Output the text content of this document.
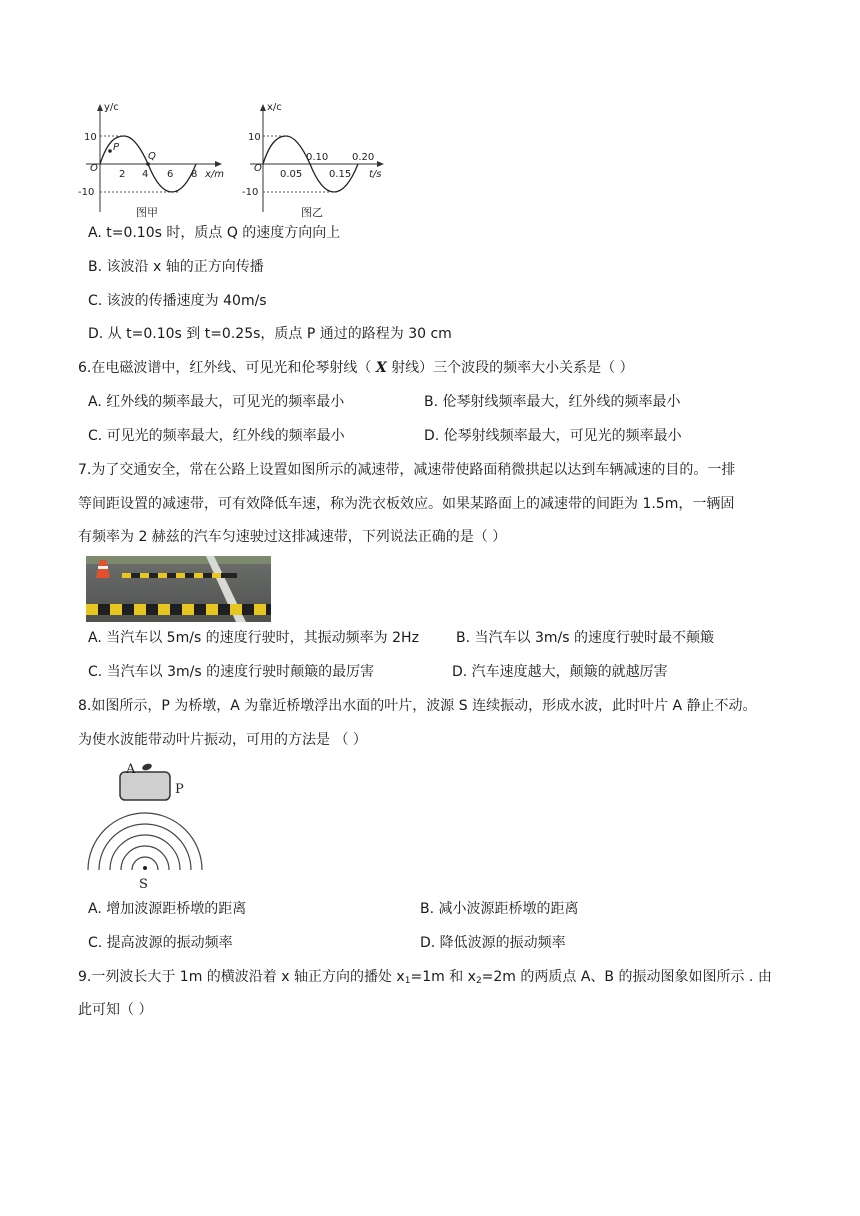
y/c
10
-10
O
P
Q
2 4 6 8 x/m
图甲
x/c
10
-10
O
0.10 0.20
0.05	0.15 t/s
图乙
A. t=0.10s 时，质点 Q 的速度方向向上
B. 该波沿 x 轴的正方向传播
C. 该波的传播速度为 40m/s
D. 从 t=0.10s 到 t=0.25s，质点 P 通过的路程为 30 cm
6.在电磁波谱中，红外线、可见光和伦琴射线（ X 射线）三个波段的频率大小关系是（ ）
A. 红外线的频率最大，可见光的频率最小	B. 伦琴射线频率最大，红外线的频率最小
C. 可见光的频率最大，红外线的频率最小	D. 伦琴射线频率最大，可见光的频率最小
7.为了交通安全，常在公路上设置如图所示的减速带，减速带使路面稍微拱起以达到车辆减速的目的。一排
等间距设置的减速带，可有效降低车速，称为洗衣板效应。如果某路面上的减速带的间距为 1.5m，一辆固
有频率为 2 赫兹的汽车匀速驶过这排减速带，下列说法正确的是（ ）
A. 当汽车以 5m/s 的速度行驶时，其振动频率为 2Hz	B. 当汽车以 3m/s 的速度行驶时最不颠簸
C. 当汽车以 3m/s 的速度行驶时颠簸的最厉害	D. 汽车速度越大，颠簸的就越厉害
8.如图所示，P 为桥墩，A 为靠近桥墩浮出水面的叶片，波源 S 连续振动，形成水波，此时叶片 A 静止不动。
为使水波能带动叶片振动，可用的方法是 （ ）
A
P
S
A. 增加波源距桥墩的距离	B. 减小波源距桥墩的距离
C. 提高波源的振动频率	D. 降低波源的振动频率
9.一列波长大于 1m 的横波沿着 x 轴正方向的播处 $x_1=1m$ 和 $x_2=2m$ 的两质点 A、B 的振动图象如图所示 . 由
此可知（ ）
